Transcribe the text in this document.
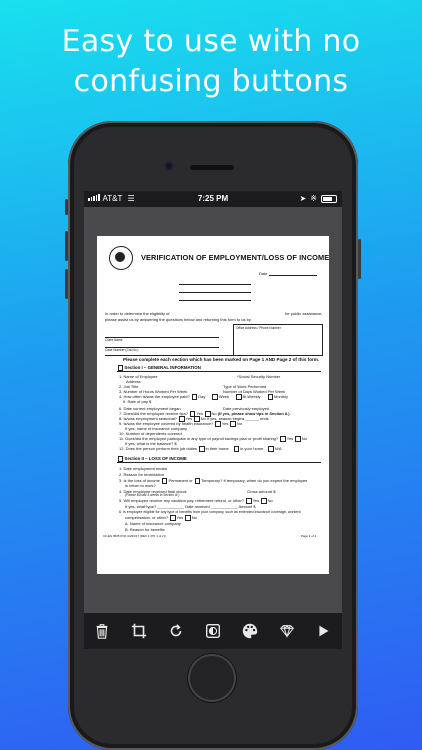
Easy to use with no
confusing buttons
AT&T ☰	7:25 PM	➤ ※
VERIFICATION OF EMPLOYMENT/LOSS OF INCOME
Date
In order to determine the eligibility of	for public assistance,
please assist us by answering the questions below and returning this form to us by
Office Address / Phone Number
Client Name
Case Number (Cal-No.)
Please complete each section which has been marked on Page 1 AND Page 2 of this form.
Section I – GENERAL INFORMATION
1. Name of Employee	*Social Security Number
Address
2. Job Title	Type of Work Performed
3. Number of Hours Worked Per Week	Number of Days Worked Per Week
4. How often is/was the employee paid? Day	Week	Bi-Weekly	Monthly
5. Rate of pay $
6. Date current employment began	Date previously employed
7. Does/did the employee receive tips? Yes No (If yes, please show tips in Section II.)
8. Is/was employment seasonal? Yes No If yes, season begins ______ ends
9. Is/was the employee covered by health insurance? Yes No
If yes, name of insurance company
10. Number of dependents covered
11. Does/did the employee participate in any type of payroll savings plan or profit sharing? Yes No
If yes, what is the balance? $
12. Does the person perform their job duties in their home	in your home	N/A
Section II – LOSS OF INCOME
1. Date employment ended
2. Reason for termination
3. Is the loss of income Permanent or Temporary? If temporary, when do you expect the employee
is return to work?
4. Date employee received final check	Gross amount $
(Please list last 4 weeks in Section III.)
5. Will employee receive any vacation pay, retirement refund, or other? Yes No
If yes, what type? ____________ Date received ____________ Amount $
6. Is employee eligible for any type of benefits from your company, such as extended insurance coverage, workers'
compensation, or other? Yes No
A. Name of insurance company
B. Reason for benefits
CF-ES 0505 POF 04/20/17 (REV 1 (PK 1 of 2))	Page 1 of 2
